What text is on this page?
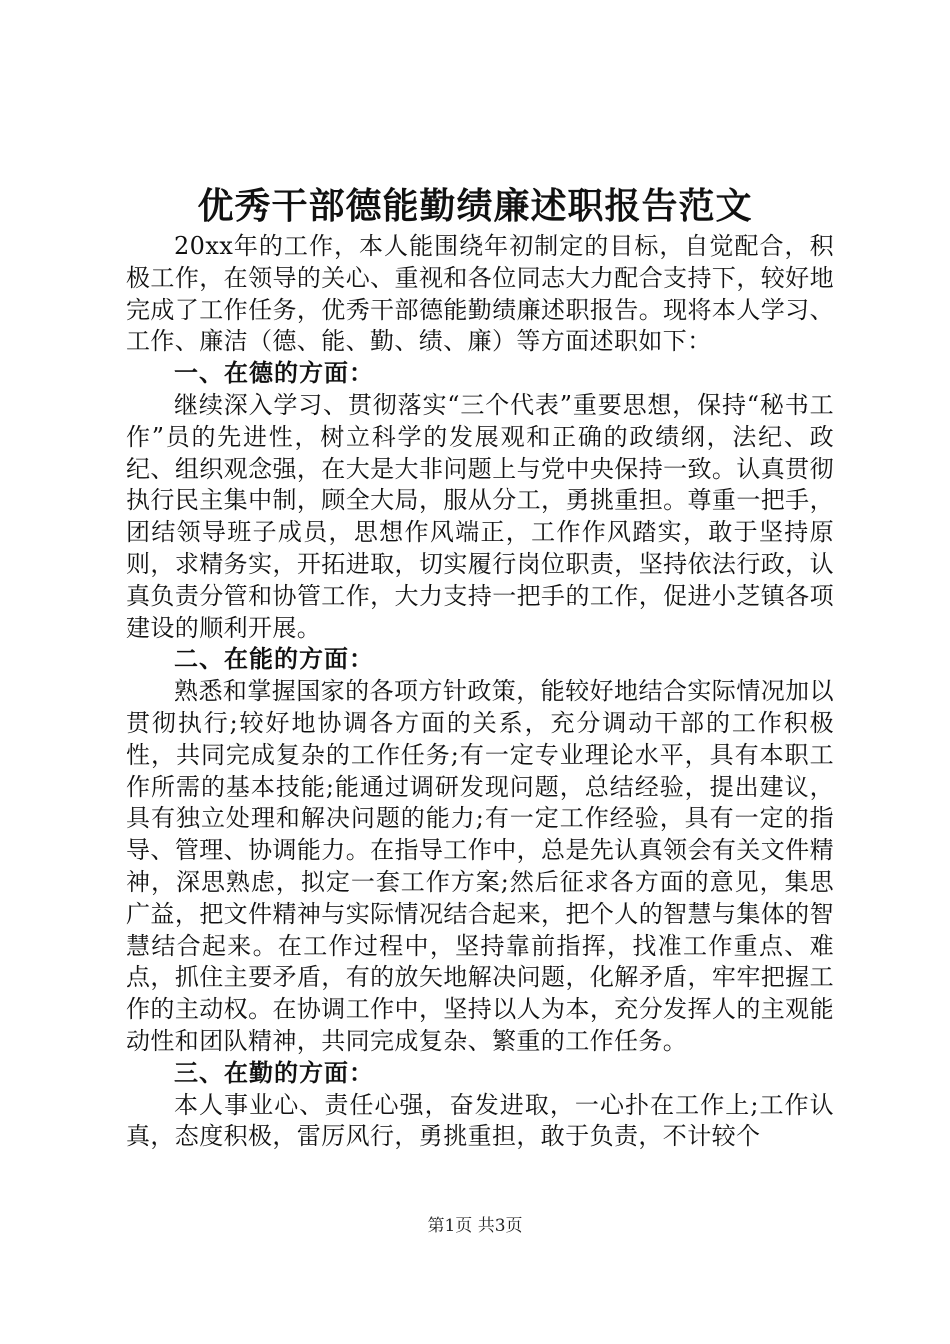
优秀干部德能勤绩廉述职报告范文

20xx年的工作，本人能围绕年初制定的目标，自觉配合，积极工作，在领导的关心、重视和各位同志大力配合支持下，较好地完成了工作任务，优秀干部德能勤绩廉述职报告。现将本人学习、工作、廉洁（德、能、勤、绩、廉）等方面述职如下：

一、在德的方面：

继续深入学习、贯彻落实“三个代表”重要思想，保持“秘书工作”员的先进性，树立科学的发展观和正确的政绩纲，法纪、政纪、组织观念强，在大是大非问题上与党中央保持一致。认真贯彻执行民主集中制，顾全大局，服从分工，勇挑重担。尊重一把手，团结领导班子成员，思想作风端正，工作作风踏实，敢于坚持原则，求精务实，开拓进取，切实履行岗位职责，坚持依法行政，认真负责分管和协管工作，大力支持一把手的工作，促进小芝镇各项建设的顺利开展。

二、在能的方面：

熟悉和掌握国家的各项方针政策，能较好地结合实际情况加以贯彻执行;较好地协调各方面的关系，充分调动干部的工作积极性，共同完成复杂的工作任务;有一定专业理论水平，具有本职工作所需的基本技能;能通过调研发现问题，总结经验，提出建议，具有独立处理和解决问题的能力;有一定工作经验，具有一定的指导、管理、协调能力。在指导工作中，总是先认真领会有关文件精神，深思熟虑，拟定一套工作方案;然后征求各方面的意见，集思广益，把文件精神与实际情况结合起来，把个人的智慧与集体的智慧结合起来。在工作过程中，坚持靠前指挥，找准工作重点、难点，抓住主要矛盾，有的放矢地解决问题，化解矛盾，牢牢把握工作的主动权。在协调工作中，坚持以人为本，充分发挥人的主观能动性和团队精神，共同完成复杂、繁重的工作任务。

三、在勤的方面：

本人事业心、责任心强，奋发进取，一心扑在工作上;工作认真，态度积极，雷厉风行，勇挑重担，敢于负责，不计较个

第1页 共3页
